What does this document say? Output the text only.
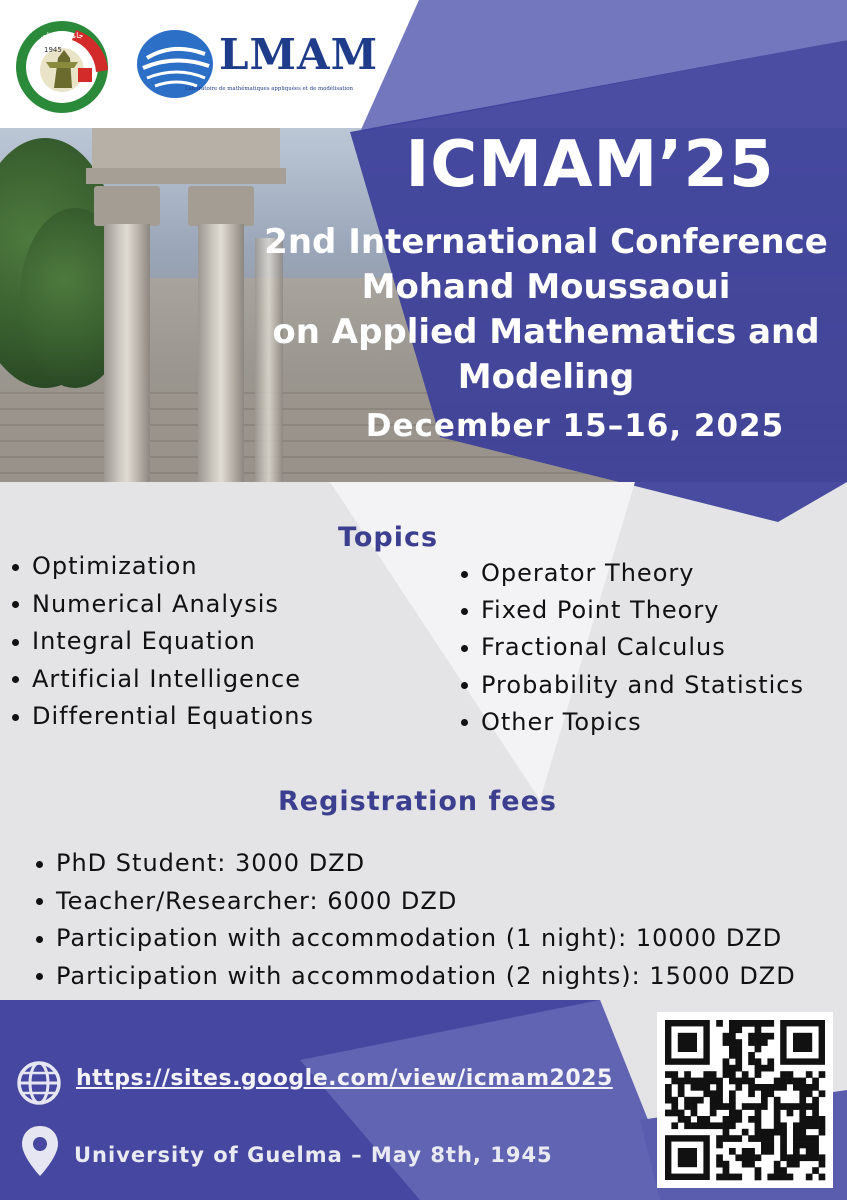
جامعة 8 ماي
1945	LMAM
Laboratoire de mathématiques appliquées et de modélisation
ICMAM’25
2nd International Conference
Mohand Moussaoui
on Applied Mathematics and
Modeling
December 15–16, 2025
Topics
Optimization
Numerical Analysis
Integral Equation
Artificial Intelligence
Differential Equations
Operator Theory
Fixed Point Theory
Fractional Calculus
Probability and Statistics
Other Topics
Registration fees
PhD Student: 3000 DZD
Teacher/Researcher: 6000 DZD
Participation with accommodation (1 night): 10000 DZD
Participation with accommodation (2 nights): 15000 DZD
https://sites.google.com/view/icmam2025
University of Guelma – May 8th, 1945
